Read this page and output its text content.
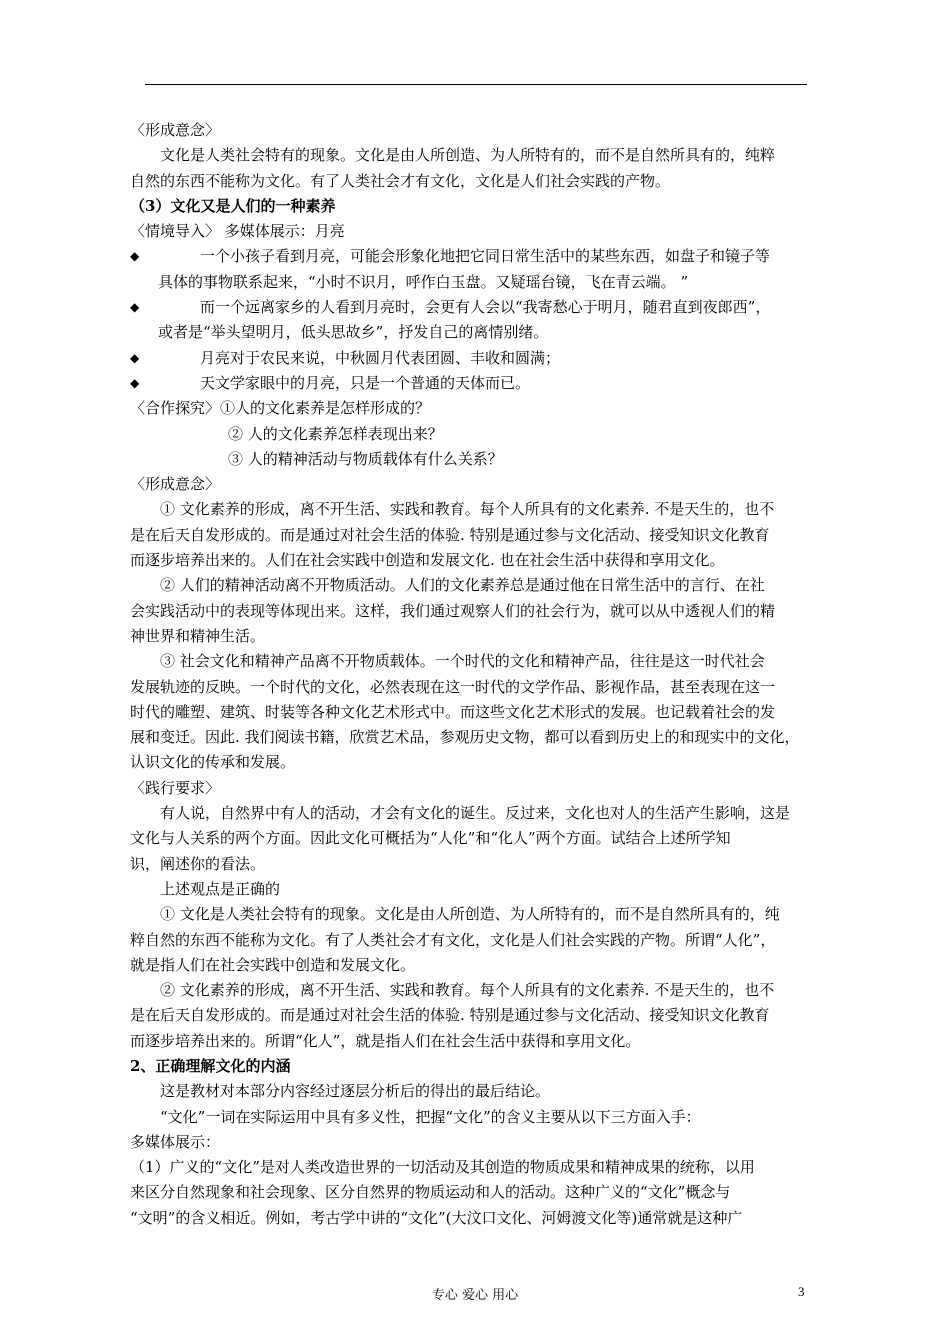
〈形成意念〉

文化是人类社会特有的现象。文化是由人所创造、为人所特有的，而不是自然所具有的，纯粹

自然的东西不能称为文化。有了人类社会才有文化，文化是人们社会实践的产物。

（3）文化又是人们的一种素养

〈情境导入〉 多媒体展示：月亮

◆	一个小孩子看到月亮，可能会形象化地把它同日常生活中的某些东西，如盘子和镜子等

具体的事物联系起来，“小时不识月，呼作白玉盘。又疑瑶台镜，飞在青云端。 ”

◆	而一个远离家乡的人看到月亮时，会更有人会以“我寄愁心于明月，随君直到夜郎西”，

或者是“举头望明月，低头思故乡”，抒发自己的离情别绪。

◆	月亮对于农民来说，中秋圆月代表团圆、丰收和圆满；

◆	天文学家眼中的月亮，只是一个普通的天体而已。

〈合作探究〉①人的文化素养是怎样形成的？

② 人的文化素养怎样表现出来？

③ 人的精神活动与物质载体有什么关系？

〈形成意念〉

① 文化素养的形成，离不开生活、实践和教育。每个人所具有的文化素养. 不是天生的，也不

是在后天自发形成的。而是通过对社会生活的体验. 特别是通过参与文化活动、接受知识文化教育

而逐步培养出来的。人们在社会实践中创造和发展文化. 也在社会生活中获得和享用文化。

② 人们的精神活动离不开物质活动。人们的文化素养总是通过他在日常生活中的言行、在社

会实践活动中的表现等体现出来。这样，我们通过观察人们的社会行为，就可以从中透视人们的精

神世界和精神生活。

③ 社会文化和精神产品离不开物质载体。一个时代的文化和精神产品，往往是这一时代社会

发展轨迹的反映。一个时代的文化，必然表现在这一时代的文学作品、影视作品，甚至表现在这一

时代的雕塑、建筑、时装等各种文化艺术形式中。而这些文化艺术形式的发展。也记载着社会的发

展和变迁。因此. 我们阅读书籍，欣赏艺术品，参观历史文物，都可以看到历史上的和现实中的文化，

认识文化的传承和发展。

〈践行要求〉

有人说，自然界中有人的活动，才会有文化的诞生。反过来，文化也对人的生活产生影响，这是

文化与人关系的两个方面。因此文化可概括为“人化”和“化人”两个方面。试结合上述所学知

识，阐述你的看法。

上述观点是正确的

① 文化是人类社会特有的现象。文化是由人所创造、为人所特有的，而不是自然所具有的，纯

粹自然的东西不能称为文化。有了人类社会才有文化，文化是人们社会实践的产物。所谓“人化”，

就是指人们在社会实践中创造和发展文化。

② 文化素养的形成，离不开生活、实践和教育。每个人所具有的文化素养. 不是天生的，也不

是在后天自发形成的。而是通过对社会生活的体验. 特别是通过参与文化活动、接受知识文化教育

而逐步培养出来的。所谓“化人”，就是指人们在社会生活中获得和享用文化。

2、正确理解文化的内涵

这是教材对本部分内容经过逐层分析后的得出的最后结论。

“文化”一词在实际运用中具有多义性，把握“文化”的含义主要从以下三方面入手：

多媒体展示：

（1）广义的“文化”是对人类改造世界的一切活动及其创造的物质成果和精神成果的统称，以用

来区分自然现象和社会现象、区分自然界的物质运动和人的活动。这种广义的“文化”概念与

“文明”的含义相近。例如，考古学中讲的“文化”(大汶口文化、河姆渡文化等)通常就是这种广

专心 爱心 用心	3
